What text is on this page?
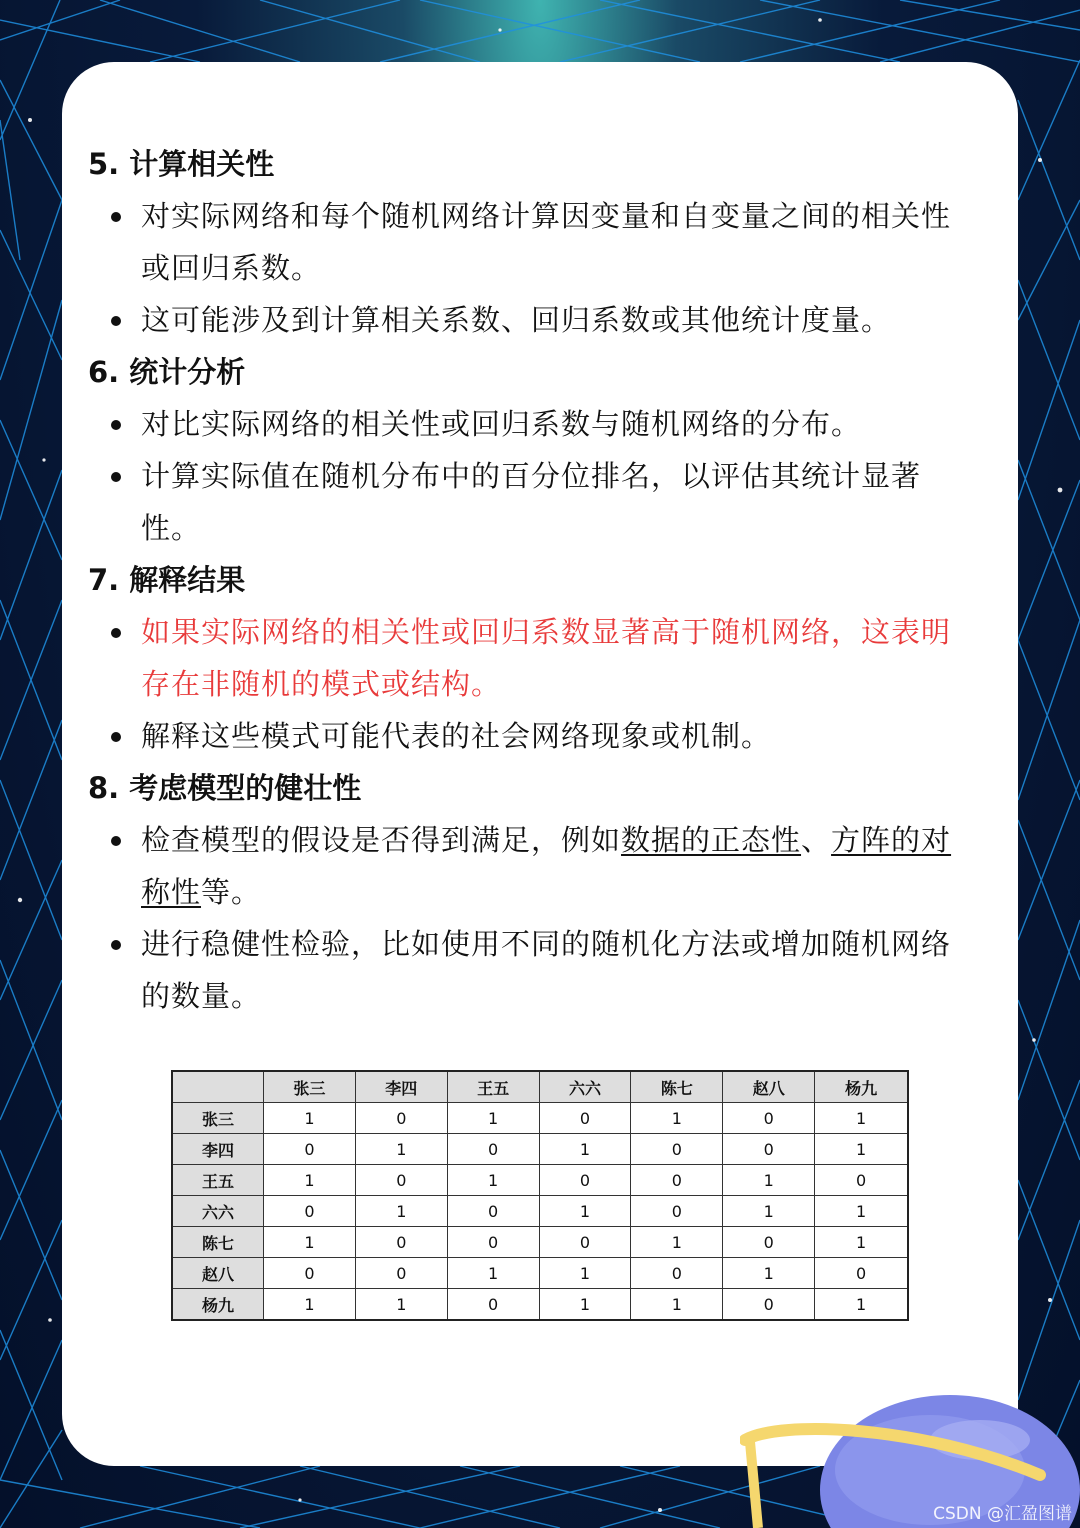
5. 计算相关性
对实际网络和每个随机网络计算因变量和自变量之间的相关性
或回归系数。
这可能涉及到计算相关系数、回归系数或其他统计度量。
6. 统计分析
对比实际网络的相关性或回归系数与随机网络的分布。
计算实际值在随机分布中的百分位排名，以评估其统计显著
性。
7. 解释结果
如果实际网络的相关性或回归系数显著高于随机网络，这表明
存在非随机的模式或结构。
解释这些模式可能代表的社会网络现象或机制。
8. 考虑模型的健壮性
检查模型的假设是否得到满足，例如数据的正态性、方阵的对
称性等。
进行稳健性检验，比如使用不同的随机化方法或增加随机网络
的数量。
	张三	李四	王五	六六	陈七	赵八	杨九
张三	1	0	1	0	1	0	1
李四	0	1	0	1	0	0	1
王五	1	0	1	0	0	1	0
六六	0	1	0	1	0	1	1
陈七	1	0	0	0	1	0	1
赵八	0	0	1	1	0	1	0
杨九	1	1	0	1	1	0	1
CSDN @汇盈图谱
